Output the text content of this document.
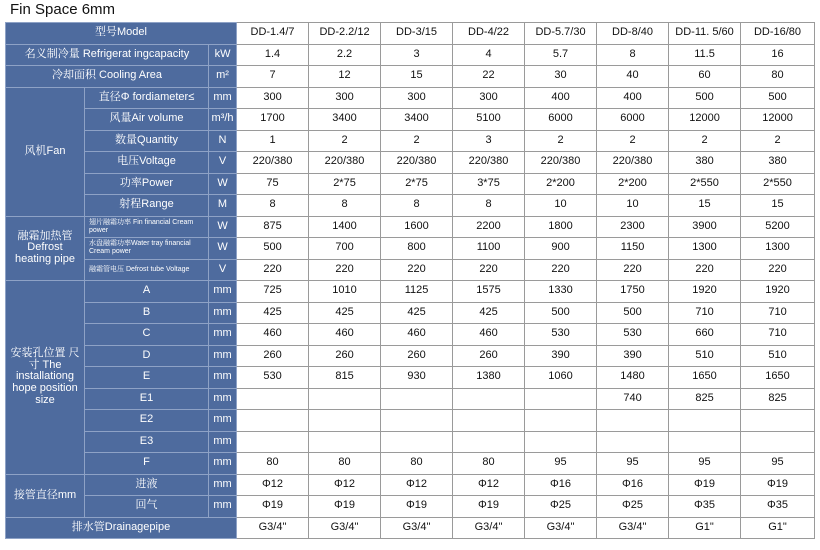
Fin Space 6mm
型号Model			DD-1.4/7	DD-2.2/12	DD-3/15	DD-4/22	DD-5.7/30	DD-8/40	DD-11. 5/60	DD-16/80
名义制冷量 Refrigerat ingcapacity		kW	1.4	2.2	3	4	5.7	8	11.5	16
冷却面积 Cooling Area		m²	7	12	15	22	30	40	60	80
风机Fan	直径Φ fordiameter≤	mm	300	300	300	300	400	400	500	500
	风量Air volume	m³/h	1700	3400	3400	5100	6000	6000	12000	12000
	数量Quantity	N	1	2	2	3	2	2	2	2
	电压Voltage	V	220/380	220/380	220/380	220/380	220/380	220/380	380	380
	功率Power	W	75	2*75	2*75	3*75	2*200	2*200	2*550	2*550
	射程Range	M	8	8	8	8	10	10	15	15
融霜加热管 Defrost heating pipe	翅片融霜功率 Fin financial Cream power	W	875	1400	1600	2200	1800	2300	3900	5200
	水盘融霜功率Water tray financial Cream power	W	500	700	800	1100	900	1150	1300	1300
	融霜管电压 Defrost tube Voltage	V	220	220	220	220	220	220	220	220
安装孔位置 尺寸 The installationg hope position size	A	mm	725	1010	1125	1575	1330	1750	1920	1920
	B	mm	425	425	425	425	500	500	710	710
	C	mm	460	460	460	460	530	530	660	710
	D	mm	260	260	260	260	390	390	510	510
	E	mm	530	815	930	1380	1060	1480	1650	1650
	E1	mm						740	825	825
	E2	mm								
	E3	mm								
	F	mm	80	80	80	80	95	95	95	95
接管直径mm	进液	mm	Φ12	Φ12	Φ12	Φ12	Φ16	Φ16	Φ19	Φ19
	回气	mm	Φ19	Φ19	Φ19	Φ19	Φ25	Φ25	Φ35	Φ35
排水管Drainagepipe			G3/4"	G3/4"	G3/4"	G3/4"	G3/4"	G3/4"	G1"	G1"
